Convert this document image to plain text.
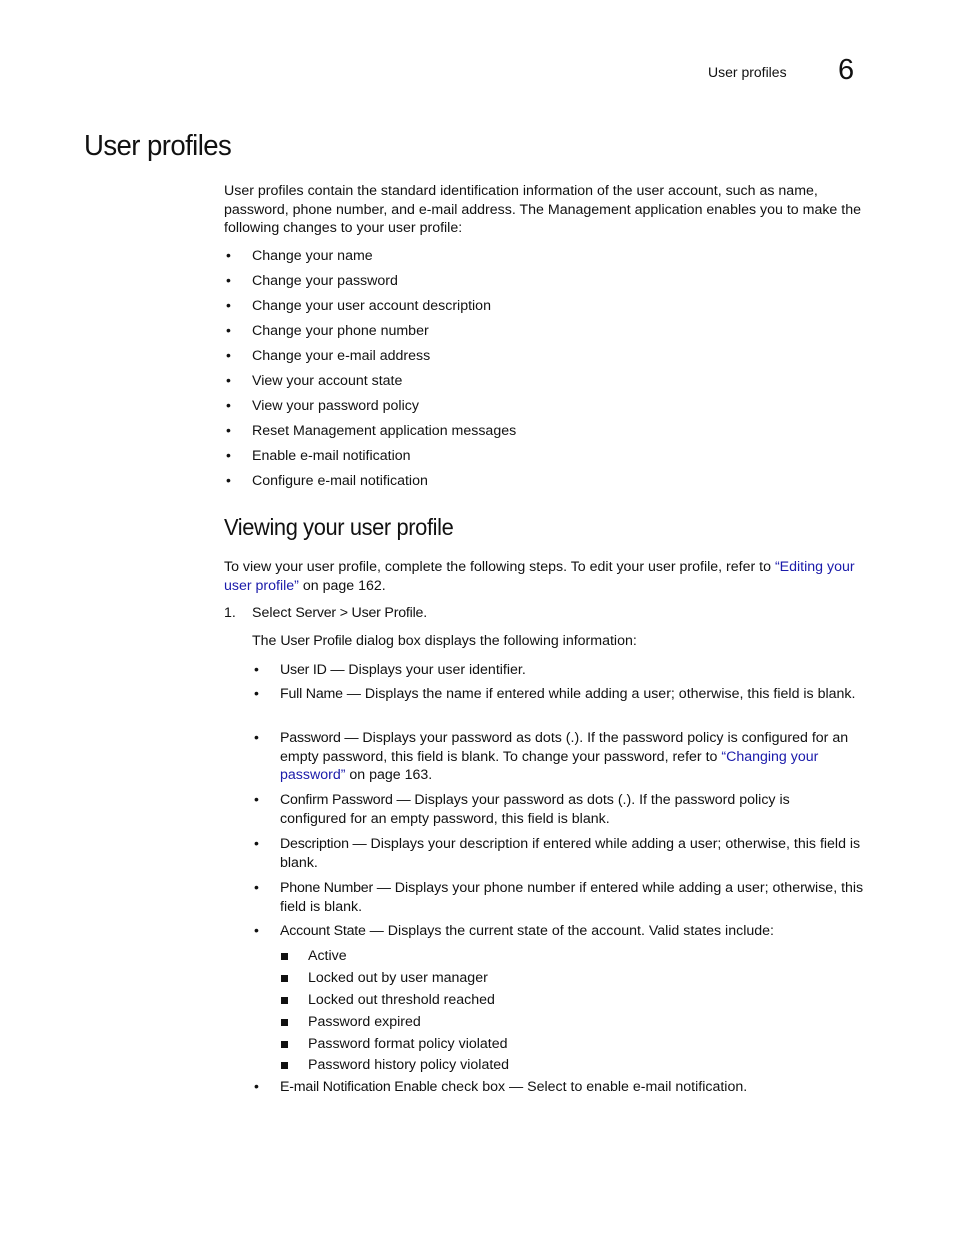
User profiles 6
User profiles
User profiles contain the standard identification information of the user account, such as name, password, phone number, and e-mail address. The Management application enables you to make the following changes to your user profile:
• Change your name
• Change your password
• Change your user account description
• Change your phone number
• Change your e-mail address
• View your account state
• View your password policy
• Reset Management application messages
• Enable e-mail notification
• Configure e-mail notification
Viewing your user profile
To view your user profile, complete the following steps. To edit your user profile, refer to “Editing your user profile” on page 162.
1. Select Server > User Profile.
The User Profile dialog box displays the following information:
• User ID — Displays your user identifier.
• Full Name — Displays the name if entered while adding a user; otherwise, this field is blank.
• Password — Displays your password as dots (.). If the password policy is configured for an empty password, this field is blank. To change your password, refer to “Changing your password” on page 163.
• Confirm Password — Displays your password as dots (.). If the password policy is configured for an empty password, this field is blank.
• Description — Displays your description if entered while adding a user; otherwise, this field is blank.
• Phone Number — Displays your phone number if entered while adding a user; otherwise, this field is blank.
• Account State — Displays the current state of the account. Valid states include:
Active
Locked out by user manager
Locked out threshold reached
Password expired
Password format policy violated
Password history policy violated
• E-mail Notification Enable check box — Select to enable e-mail notification.
